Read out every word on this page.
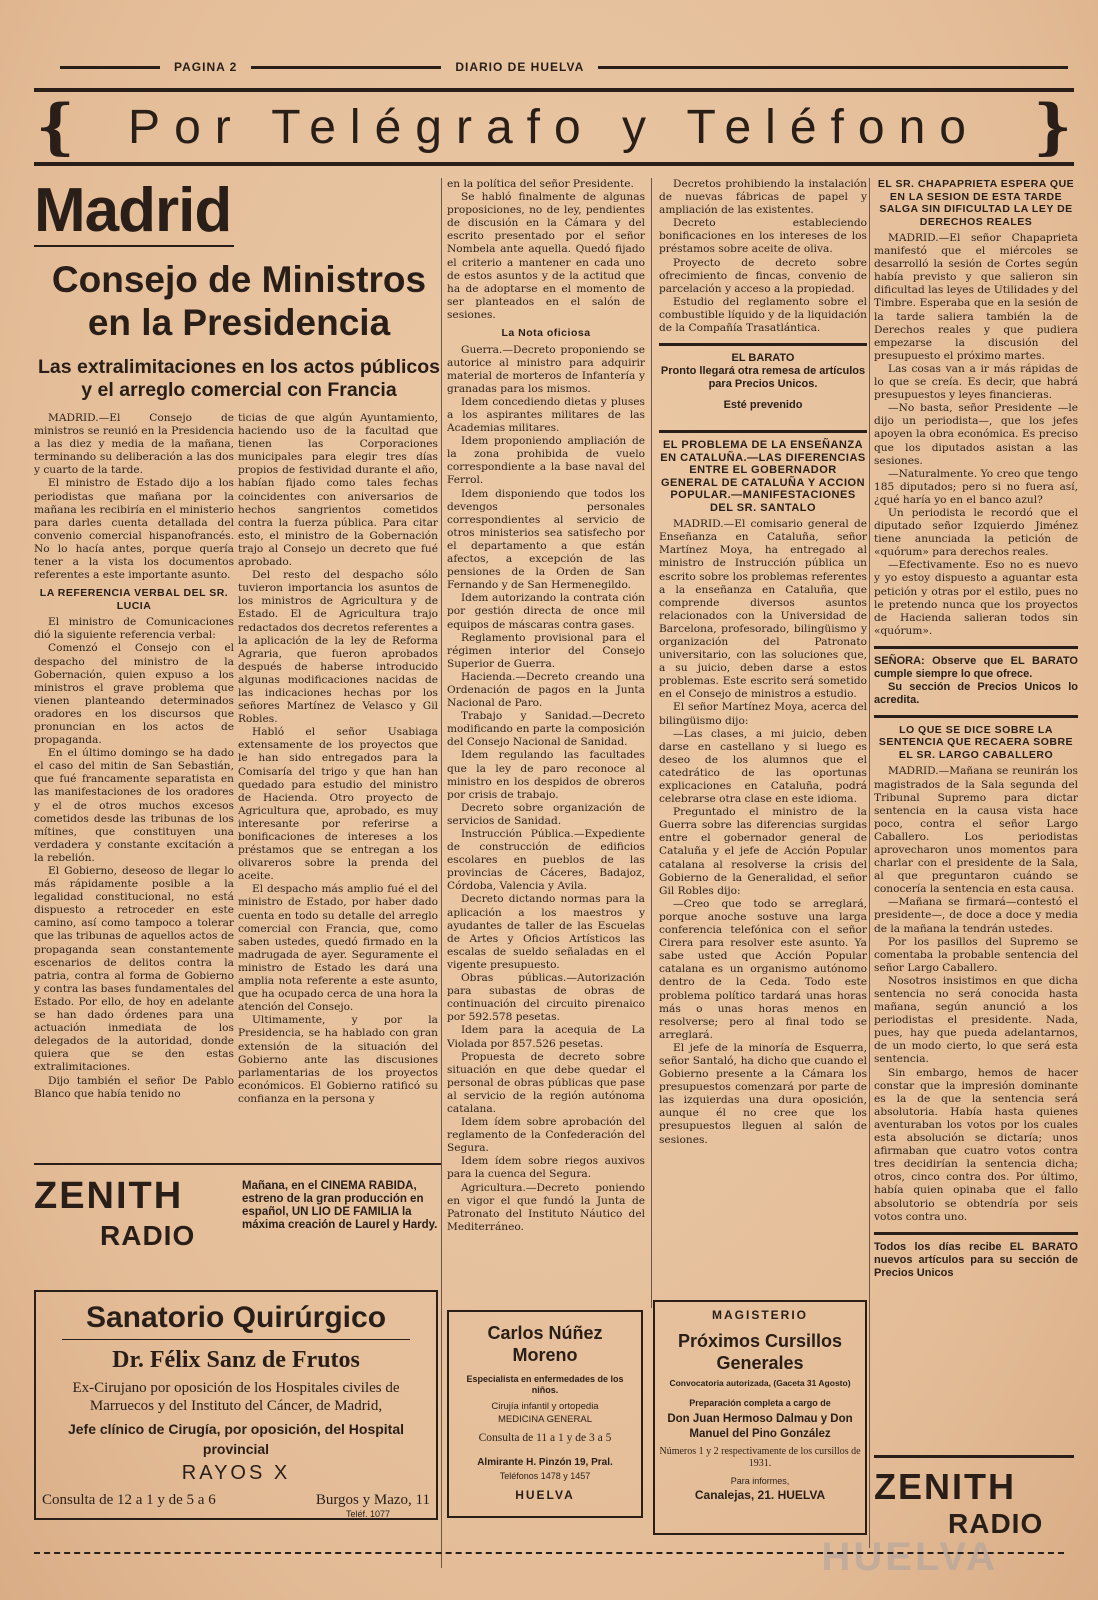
PAGINA 2	DIARIO DE HUELVA
{ Por Telégrafo y Teléfono }
Madrid
Consejo de Ministros en la Presidencia
Las extralimitaciones en los actos públicos y el arreglo comercial con Francia

MADRID.—El Consejo de ministros se reunió en la Presidencia a las diez y media de la mañana, terminando su deliberación a las dos y cuarto de la tarde.

El ministro de Estado dijo a los periodistas que mañana por la mañana les recibiría en el ministerio para darles cuenta detallada del convenio comercial hispanofrancés. No lo hacía antes, porque quería tener a la vista los documentos referentes a este importante asunto.

LA REFERENCIA VERBAL DEL SR. LUCIA

El ministro de Comunicaciones dió la siguiente referencia verbal:

Comenzó el Consejo con el despacho del ministro de la Gobernación, quien expuso a los ministros el grave problema que vienen planteando determinados oradores en los discursos que pronuncian en los actos de propaganda.

En el último domingo se ha dado el caso del mitin de San Sebastián, que fué francamente separatista en las manifestaciones de los oradores y el de otros muchos excesos cometidos desde las tribunas de los mítines, que constituyen una verdadera y constante excitación a la rebelión.

El Gobierno, deseoso de llegar lo más rápidamente posible a la legalidad constitucional, no está dispuesto a retroceder en este camino, así como tampoco a tolerar que las tribunas de aquellos actos de propaganda sean constantemente escenarios de delitos contra la patria, contra al forma de Gobierno y contra las bases fundamentales del Estado. Por ello, de hoy en adelante se han dado órdenes para una actuación inmediata de los delegados de la autoridad, donde quiera que se den estas extralimitaciones.

Dijo también el señor De Pablo Blanco que había tenido no

ticias de que algún Ayuntamiento, haciendo uso de la facultad que tienen las Corporaciones municipales para elegir tres días propios de festividad durante el año, habían fijado como tales fechas coincidentes con aniversarios de hechos sangrientos cometidos contra la fuerza pública. Para citar esto, el ministro de la Gobernación trajo al Consejo un decreto que fué aprobado.

Del resto del despacho sólo tuvieron importancia los asuntos de los ministros de Agricultura y de Estado. El de Agricultura trajo redactados dos decretos referentes a la aplicación de la ley de Reforma Agraria, que fueron aprobados después de haberse introducido algunas modificaciones nacidas de las indicaciones hechas por los señores Martínez de Velasco y Gil Robles.

Habló el señor Usabiaga extensamente de los proyectos que le han sido entregados para la Comisaría del trigo y que han han quedado para estudio del ministro de Hacienda. Otro proyecto de Agricultura que, aprobado, es muy interesante por referirse a bonificaciones de intereses a los préstamos que se entregan a los olivareros sobre la prenda del aceite.

El despacho más amplio fué el del ministro de Estado, por haber dado cuenta en todo su detalle del arreglo comercial con Francia, que, como saben ustedes, quedó firmado en la madrugada de ayer. Seguramente el ministro de Estado les dará una amplia nota referente a este asunto, que ha ocupado cerca de una hora la atención del Consejo.

Ultimamente, y por la Presidencia, se ha hablado con gran extensión de la situación del Gobierno ante las discusiones parlamentarias de los proyectos económicos. El Gobierno ratificó su confianza en la persona y

en la política del señor Presidente.

Se habló finalmente de algunas proposiciones, no de ley, pendientes de discusión en la Cámara y del escrito presentado por el señor Nombela ante aquella. Quedó fijado el criterio a mantener en cada uno de estos asuntos y de la actitud que ha de adoptarse en el momento de ser planteados en el salón de sesiones.

La Nota oficiosa

Guerra.—Decreto proponiendo se autorice al ministro para adquirir material de morteros de Infantería y granadas para los mismos.

Idem concediendo dietas y pluses a los aspirantes militares de las Academias militares.

Idem proponiendo ampliación de la zona prohibida de vuelo correspondiente a la base naval del Ferrol.

Idem disponiendo que todos los devengos personales correspondientes al servicio de otros ministerios sea satisfecho por el departamento a que están afectos, a excepción de las pensiones de la Orden de San Fernando y de San Hermenegildo.

Idem autorizando la contrata ción por gestión directa de once mil equipos de máscaras contra gases.

Reglamento provisional para el régimen interior del Consejo Superior de Guerra.

Hacienda.—Decreto creando una Ordenación de pagos en la Junta Nacional de Paro.

Trabajo y Sanidad.—Decreto modificando en parte la composición del Consejo Nacional de Sanidad.

Idem regulando las facultades que la ley de paro reconoce al ministro en los despidos de obreros por crisis de trabajo.

Decreto sobre organización de servicios de Sanidad.

Instrucción Pública.—Expediente de construcción de edificios escolares en pueblos de las provincias de Cáceres, Badajoz, Córdoba, Valencia y Avila.

Decreto dictando normas para la aplicación a los maestros y ayudantes de taller de las Escuelas de Artes y Oficios Artísticos las escalas de sueldo señaladas en el vigente presupuesto.

Obras públicas.—Autorización para subastas de obras de continuación del circuito pirenaico por 592.578 pesetas.

Idem para la acequia de La Violada por 857.526 pesetas.

Propuesta de decreto sobre situación en que debe quedar el personal de obras públicas que pase al servicio de la región autónoma catalana.

Idem ídem sobre aprobación del reglamento de la Confederación del Segura.

Idem ídem sobre riegos auxivos para la cuenca del Segura.

Agricultura.—Decreto poniendo en vigor el que fundó la Junta de Patronato del Instituto Náutico del Mediterráneo.

Decretos prohibiendo la instalación de nuevas fábricas de papel y ampliación de las existentes.

Decreto estableciendo bonificaciones en los intereses de los préstamos sobre aceite de oliva.

Proyecto de decreto sobre ofrecimiento de fincas, convenio de parcelación y acceso a la propiedad.

Estudio del reglamento sobre el combustible líquido y de la liquidación de la Compañía Trasatlántica.

EL BARATO
Pronto llegará otra remesa de artículos para Precios Unicos.
Esté prevenido
EL PROBLEMA DE LA ENSEÑANZA EN CATALUÑA.—LAS DIFERENCIAS ENTRE EL GOBERNADOR GENERAL DE CATALUÑA Y ACCION POPULAR.—MANIFESTACIONES DEL SR. SANTALO

MADRID.—El comisario general de Enseñanza en Cataluña, señor Martínez Moya, ha entregado al ministro de Instrucción pública un escrito sobre los problemas referentes a la enseñanza en Cataluña, que comprende diversos asuntos relacionados con la Universidad de Barcelona, profesorado, bilingüismo y organización del Patronato universitario, con las soluciones que, a su juicio, deben darse a estos problemas. Este escrito será sometido en el Consejo de ministros a estudio.

El señor Martínez Moya, acerca del bilingüismo dijo:

—Las clases, a mi juicio, deben darse en castellano y si luego es deseo de los alumnos que el catedrático de las oportunas explicaciones en Cataluña, podrá celebrarse otra clase en este idioma.

Preguntado el ministro de la Guerra sobre las diferencias surgidas entre el gobernador general de Cataluña y el jefe de Acción Popular catalana al resolverse la crisis del Gobierno de la Generalidad, el señor Gil Robles dijo:

—Creo que todo se arreglará, porque anoche sostuve una larga conferencia telefónica con el señor Cirera para resolver este asunto. Ya sabe usted que Acción Popular catalana es un organismo autónomo dentro de la Ceda. Todo este problema político tardará unas horas más o unas horas menos en resolverse; pero al final todo se arreglará.

El jefe de la minoría de Esquerra, señor Santaló, ha dicho que cuando el Gobierno presente a la Cámara los presupuestos comenzará por parte de las izquierdas una dura oposición, aunque él no cree que los presupuestos lleguen al salón de sesiones.

EL SR. CHAPAPRIETA ESPERA QUE EN LA SESION DE ESTA TARDE SALGA SIN DIFICULTAD LA LEY DE DERECHOS REALES

MADRID.—El señor Chapaprieta manifestó que el miércoles se desarrolló la sesión de Cortes según había previsto y que salieron sin dificultad las leyes de Utilidades y del Timbre. Esperaba que en la sesión de la tarde saliera también la de Derechos reales y que pudiera empezarse la discusión del presupuesto el próximo martes.

Las cosas van a ir más rápidas de lo que se creía. Es decir, que habrá presupuestos y leyes financieras.

—No basta, señor Presidente —le dijo un periodista—, que los jefes apoyen la obra económica. Es preciso que los diputados asistan a las sesiones.

—Naturalmente. Yo creo que tengo 185 diputados; pero si no fuera así, ¿qué haría yo en el banco azul?

Un periodista le recordó que el diputado señor Izquierdo Jiménez tiene anunciada la petición de «quórum» para derechos reales.

—Efectivamente. Eso no es nuevo y yo estoy dispuesto a aguantar esta petición y otras por el estilo, pues no le pretendo nunca que los proyectos de Hacienda salieran todos sin «quórum».

SEÑORA: Observe que EL BARATO cumple siempre lo que ofrece.
Su sección de Precios Unicos lo acredita.
LO QUE SE DICE SOBRE LA SENTENCIA QUE RECAERA SOBRE EL SR. LARGO CABALLERO

MADRID.—Mañana se reunirán los magistrados de la Sala segunda del Tribunal Supremo para dictar sentencia en la causa vista hace poco, contra el señor Largo Caballero. Los periodistas aprovecharon unos momentos para charlar con el presidente de la Sala, al que preguntaron cuándo se conocería la sentencia en esta causa.

—Mañana se firmará—contestó el presidente—, de doce a doce y media de la mañana la tendrán ustedes.

Por los pasillos del Supremo se comentaba la probable sentencia del señor Largo Caballero.

Nosotros insistimos en que dicha sentencia no será conocida hasta mañana, según anunció a los periodistas el presidente. Nada, pues, hay que pueda adelantarnos, de un modo cierto, lo que será esta sentencia.

Sin embargo, hemos de hacer constar que la impresión dominante es la de que la sentencia será absolutoria. Había hasta quienes aventuraban los votos por los cuales esta absolución se dictaría; unos afirmaban que cuatro votos contra tres decidirían la sentencia dicha; otros, cinco contra dos. Por último, había quien opinaba que el fallo absolutorio se obtendría por seis votos contra uno.

Todos los días recibe EL BARATO nuevos artículos para su sección de Precios Unicos
ZENITH
RADIO
Mañana, en el CINEMA RABIDA, estreno de la gran producción en español, UN LIO DE FAMILIA la máxima creación de Laurel y Hardy.
Sanatorio Quirúrgico
Dr. Félix Sanz de Frutos
Ex-Cirujano por oposición de los Hospitales civiles de Marruecos y del Instituto del Cáncer, de Madrid,
Jefe clínico de Cirugía, por oposición, del Hospital provincial
RAYOS X
Consulta de 12 a 1 y de 5 a 6	Burgos y Mazo, 11
Teléf. 1077
Carlos Núñez Moreno
Especialista en enfermedades de los niños.
Cirujía infantil y ortopedia
MEDICINA GENERAL
Consulta de 11 a 1 y de 3 a 5
Almirante H. Pinzón 19, Pral.
Teléfonos 1478 y 1457
HUELVA
MAGISTERIO
Próximos Cursillos Generales
Convocatoria autorizada, (Gaceta 31 Agosto)
Preparación completa a cargo de
Don Juan Hermoso Dalmau y Don Manuel del Pino González
Números 1 y 2 respectivamente de los cursillos de 1931.
Para informes,
Canalejas, 21. HUELVA	ZENITH
RADIO
HUELVA
